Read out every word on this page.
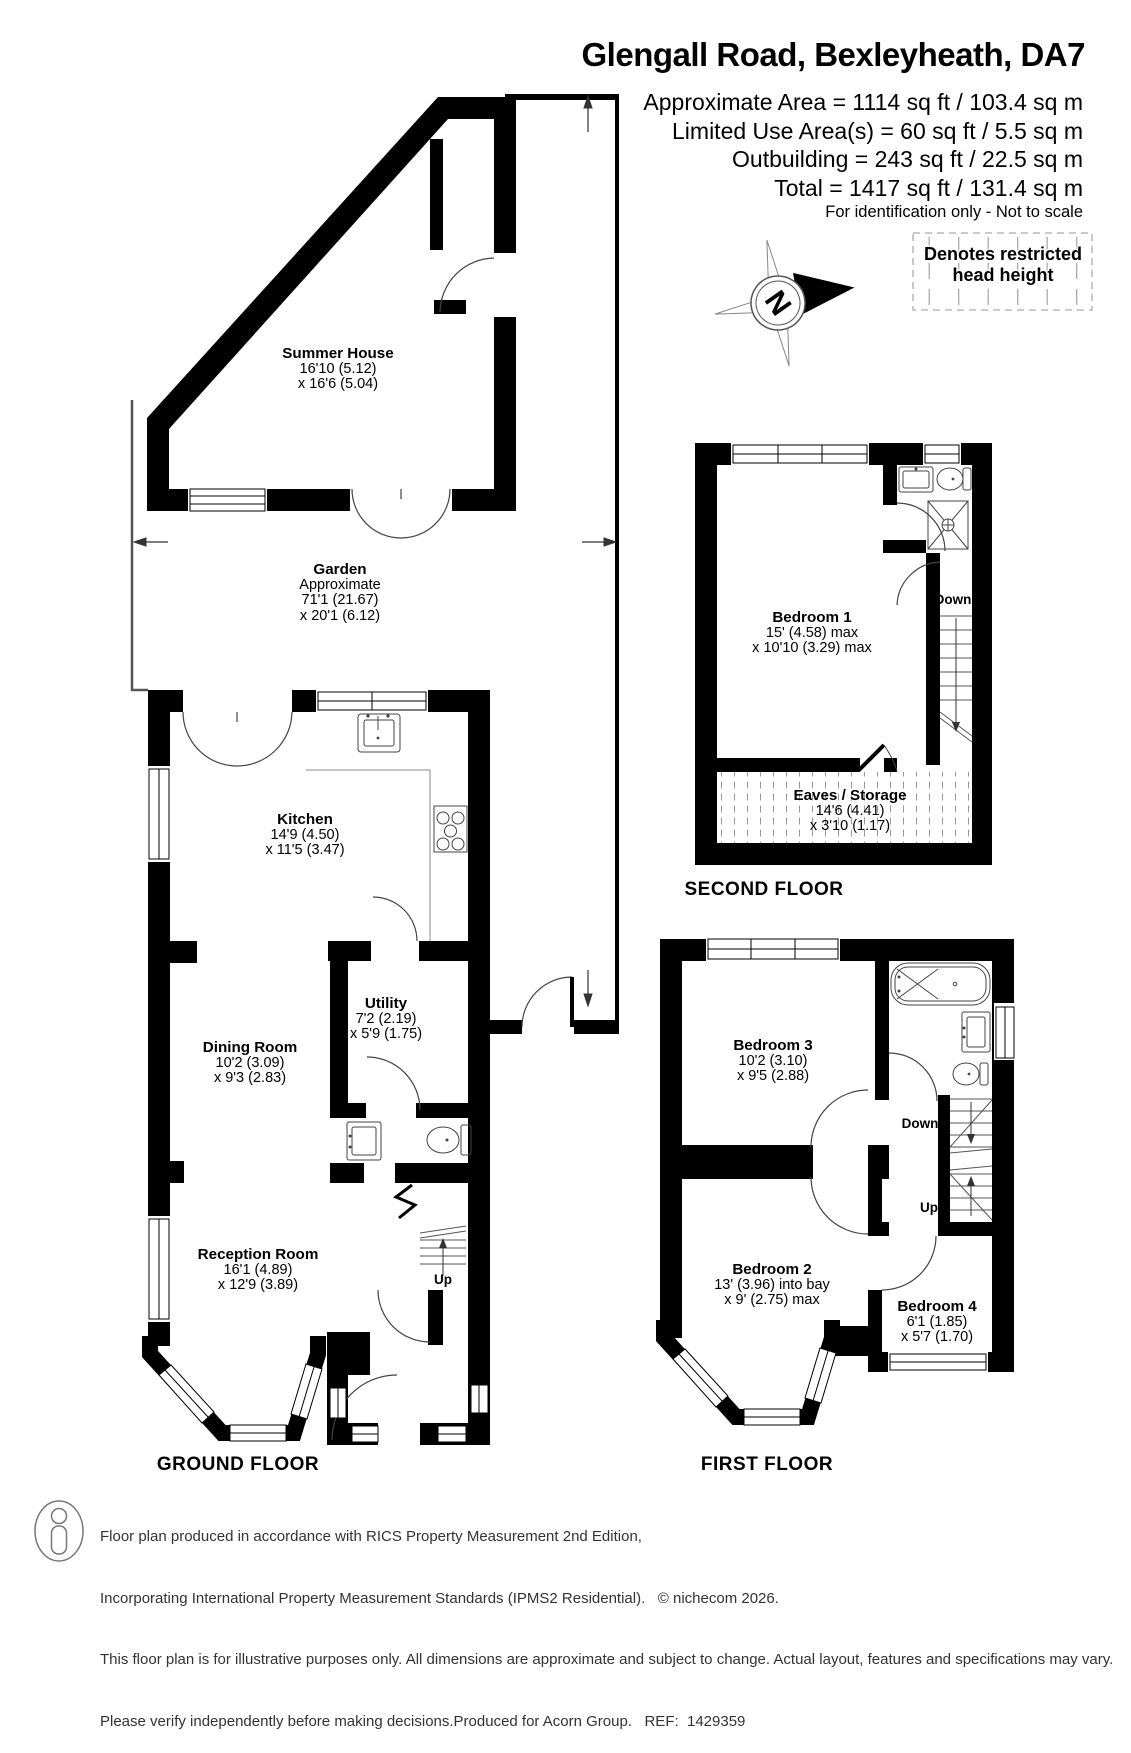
N
Glengall Road, Bexleyheath, DA7
Approximate Area = 1114 sq ft / 103.4 sq m
Limited Use Area(s) = 60 sq ft / 5.5 sq m
Outbuilding = 243 sq ft / 22.5 sq m
Total = 1417 sq ft / 131.4 sq m
For identification only - Not to scale
Denotes restricted head height
Summer House
16'10 (5.12)
x 16'6 (5.04)
Garden
Approximate
71'1 (21.67)
x 20'1 (6.12)
Kitchen
14'9 (4.50)
x 11'5 (3.47)
Utility
7'2 (2.19)
x 5'9 (1.75)
Dining Room
10'2 (3.09)
x 9'3 (2.83)
Reception Room
16'1 (4.89)
x 12'9 (3.89)
Bedroom 1
15' (4.58) max
x 10'10 (3.29) max
Eaves / Storage
14'6 (4.41)
x 3'10 (1.17)
Bedroom 3
10'2 (3.10)
x 9'5 (2.88)
Bedroom 2
13' (3.96) into bay
x 9' (2.75) max	Bedroom 4
6'1 (1.85)
x 5'7 (1.70)
Up
Down
Down
Up
GROUND FLOOR	FIRST FLOOR
SECOND FLOOR

Floor plan produced in accordance with RICS Property Measurement 2nd Edition,

Incorporating International Property Measurement Standards (IPMS2 Residential).   © nichecom 2026.

This floor plan is for illustrative purposes only. All dimensions are approximate and subject to change. Actual layout, features and specifications may vary.

Please verify independently before making decisions.Produced for Acorn Group.   REF:  1429359
